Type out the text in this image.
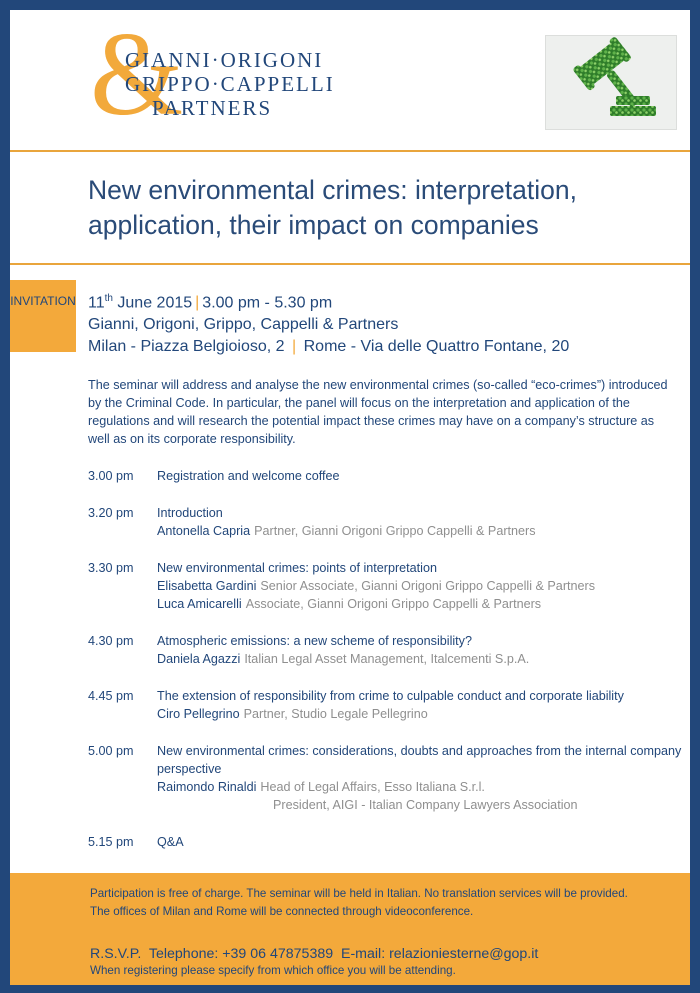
&
GIANNI·ORIGONI
GRIPPO·CAPPELLI
PARTNERS
New environmental crimes: interpretation,
application, their impact on companies
INVITATION 11th June 2015 | 3.00 pm - 5.30 pm
Gianni, Origoni, Grippo, Cappelli & Partners
Milan - Piazza Belgioioso, 2 | Rome - Via delle Quattro Fontane, 20
The seminar will address and analyse the new environmental crimes (so-called “eco-crimes”) introduced by the Criminal Code. In particular, the panel will focus on the interpretation and application of the regulations and will research the potential impact these crimes may have on a company’s structure as well as on its corporate responsibility.
3.00 pm Registration and welcome coffee
3.20 pm Introduction
Antonella Capria Partner, Gianni Origoni Grippo Cappelli & Partners
3.30 pm New environmental crimes: points of interpretation
Elisabetta Gardini Senior Associate, Gianni Origoni Grippo Cappelli & Partners
Luca Amicarelli Associate, Gianni Origoni Grippo Cappelli & Partners
4.30 pm Atmospheric emissions: a new scheme of responsibility?
Daniela Agazzi Italian Legal Asset Management, Italcementi S.p.A.
4.45 pm The extension of responsibility from crime to culpable conduct and corporate liability
Ciro Pellegrino Partner, Studio Legale Pellegrino
5.00 pm New environmental crimes: considerations, doubts and approaches from the internal company perspective
Raimondo Rinaldi Head of Legal Affairs, Esso Italiana S.r.l.
President, AIGI - Italian Company Lawyers Association
5.15 pm Q&A
Participation is free of charge. The seminar will be held in Italian. No translation services will be provided.
The offices of Milan and Rome will be connected through videoconference.
R.S.V.P.  Telephone: +39 06 47875389  E-mail: relazioniesterne@gop.it
When registering please specify from which office you will be attending.
